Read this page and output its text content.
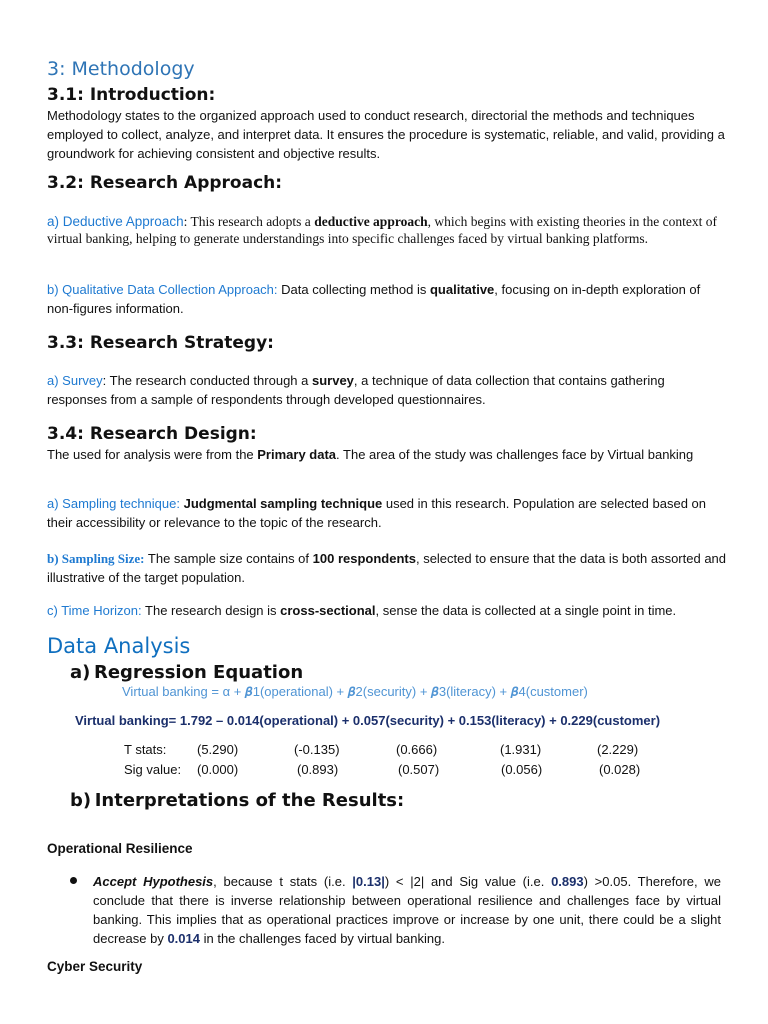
3: Methodology
3.1: Introduction:
Methodology states to the organized approach used to conduct research, directorial the methods and techniques employed to collect, analyze, and interpret data. It ensures the procedure is systematic, reliable, and valid, providing a groundwork for achieving consistent and objective results.
3.2: Research Approach:
a) Deductive Approach: This research adopts a deductive approach, which begins with existing theories in the context of virtual banking, helping to generate understandings into specific challenges faced by virtual banking platforms.
b) Qualitative Data Collection Approach: Data collecting method is qualitative, focusing on in-depth exploration of non-figures information.
3.3: Research Strategy:
a) Survey: The research conducted through a survey, a technique of data collection that contains gathering responses from a sample of respondents through developed questionnaires.
3.4: Research Design:
The used for analysis were from the Primary data. The area of the study was challenges face by Virtual banking
a) Sampling technique: Judgmental sampling technique used in this research. Population are selected based on their accessibility or relevance to the topic of the research.
b) Sampling Size: The sample size contains of 100 respondents, selected to ensure that the data is both assorted and illustrative of the target population.
c) Time Horizon: The research design is cross-sectional, sense the data is collected at a single point in time.
Data Analysis
a) Regression Equation
Virtual banking = α + 𝜷1(operational) + 𝜷2(security) + 𝜷3(literacy) + 𝜷4(customer)
Virtual banking= 1.792 – 0.014(operational) + 0.057(security) + 0.153(literacy) + 0.229(customer)
T stats: (5.290)	(-0.135)	(0.666)	(1.931)	(2.229)
Sig value: (0.000)	(0.893)	(0.507)	(0.056)	(0.028)
b) Interpretations of the Results:
Operational Resilience
Accept Hypothesis, because t stats (i.e. |0.13|) < |2| and Sig value (i.e. 0.893) >0.05. Therefore, we conclude that there is inverse relationship between operational resilience and challenges face by virtual banking. This implies that as operational practices improve or increase by one unit, there could be a slight decrease by 0.014 in the challenges faced by virtual banking.
Cyber Security
